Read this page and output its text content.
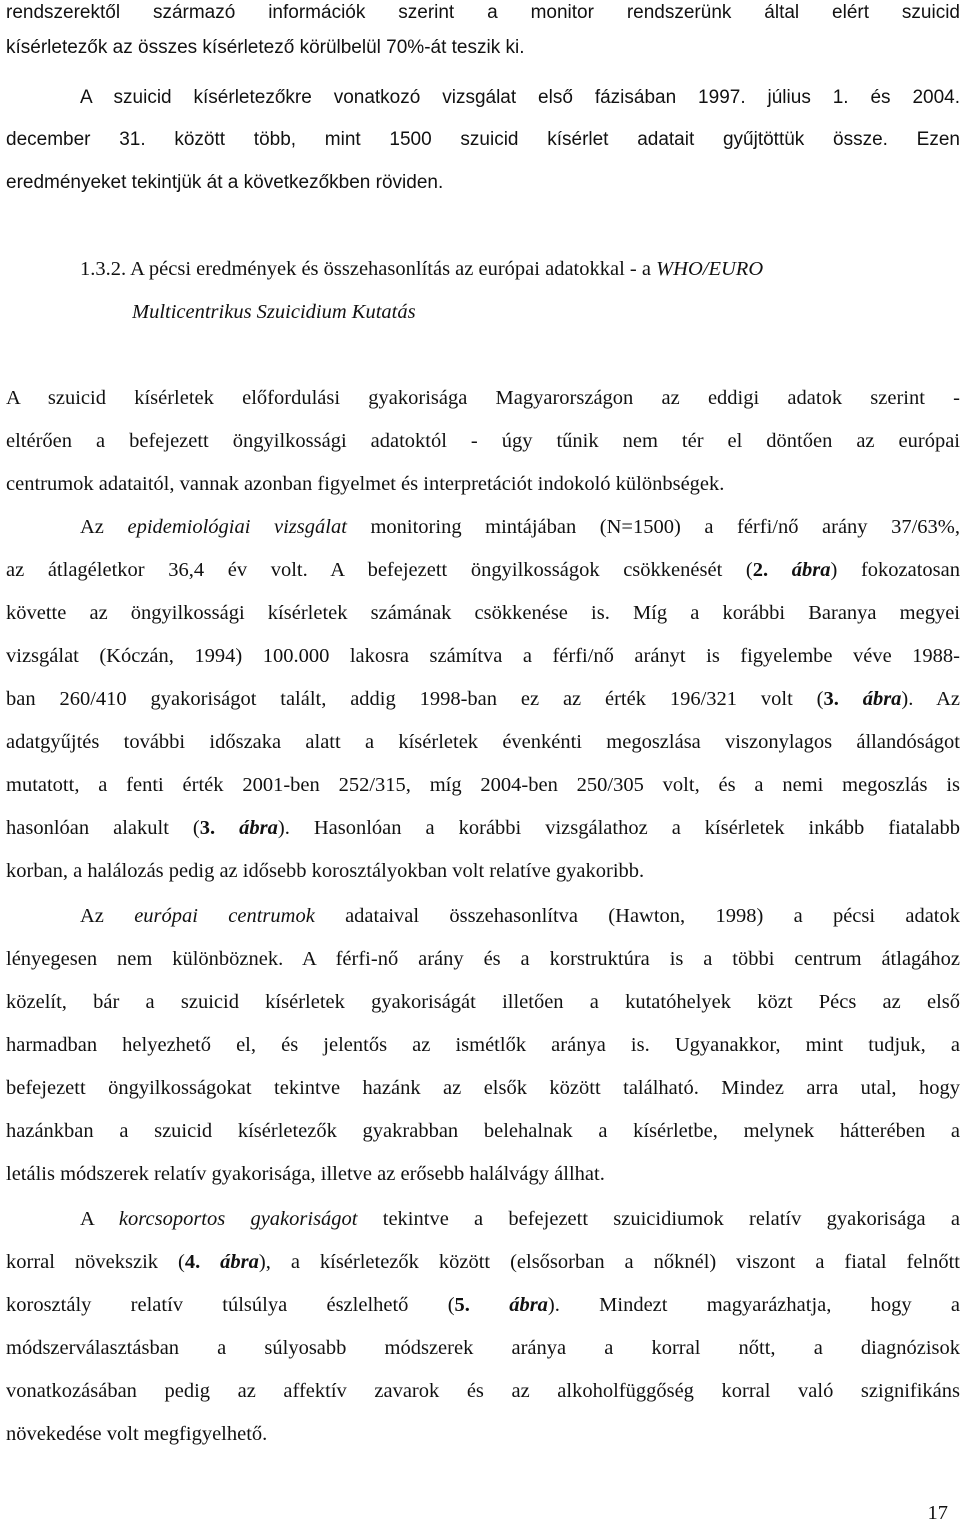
rendszerektől származó információk szerint a monitor rendszerünk által elért szuicid

kísérletezők az összes kísérletező körülbelül 70%-át teszik ki.

A szuicid kísérletezőkre vonatkozó vizsgálat első fázisában 1997. július 1. és 2004.

december 31. között több, mint 1500 szuicid kísérlet adatait gyűjtöttük össze. Ezen

eredményeket tekintjük át a következőkben röviden.

1.3.2. A pécsi eredmények és összehasonlítás az európai adatokkal - a WHO/EURO

Multicentrikus Szuicidium Kutatás

A szuicid kísérletek előfordulási gyakorisága Magyarországon az eddigi adatok szerint -

eltérően a befejezett öngyilkossági adatoktól - úgy tűnik nem tér el döntően az európai

centrumok adataitól, vannak azonban figyelmet és interpretációt indokoló különbségek.

Az epidemiológiai vizsgálat monitoring mintájában (N=1500) a férfi/nő arány 37/63%,

az átlagéletkor 36,4 év volt. A befejezett öngyilkosságok csökkenését (2. ábra) fokozatosan

követte az öngyilkossági kísérletek számának csökkenése is. Míg a korábbi Baranya megyei

vizsgálat (Kóczán, 1994) 100.000 lakosra számítva a férfi/nő arányt is figyelembe véve 1988-

ban 260/410 gyakoriságot talált, addig 1998-ban ez az érték 196/321 volt (3. ábra). Az

adatgyűjtés további időszaka alatt a kísérletek évenkénti megoszlása viszonylagos állandóságot

mutatott, a fenti érték 2001-ben 252/315, míg 2004-ben 250/305 volt, és a nemi megoszlás is

hasonlóan alakult (3. ábra). Hasonlóan a korábbi vizsgálathoz a kísérletek inkább fiatalabb

korban, a halálozás pedig az idősebb korosztályokban volt relatíve gyakoribb.

Az európai centrumok adataival összehasonlítva (Hawton, 1998) a pécsi adatok

lényegesen nem különböznek. A férfi-nő arány és a korstruktúra is a többi centrum átlagához

közelít, bár a szuicid kísérletek gyakoriságát illetően a kutatóhelyek közt Pécs az első

harmadban helyezhető el, és jelentős az ismétlők aránya is. Ugyanakkor, mint tudjuk, a

befejezett öngyilkosságokat tekintve hazánk az elsők között található. Mindez arra utal, hogy

hazánkban a szuicid kísérletezők gyakrabban belehalnak a kísérletbe, melynek hátterében a

letális módszerek relatív gyakorisága, illetve az erősebb halálvágy állhat.

A korcsoportos gyakoriságot tekintve a befejezett szuicidiumok relatív gyakorisága a

korral növekszik (4. ábra), a kísérletezők között (elsősorban a nőknél) viszont a fiatal felnőtt

korosztály relatív túlsúlya észlelhető (5. ábra). Mindezt magyarázhatja, hogy a

módszerválasztásban a súlyosabb módszerek aránya a korral nőtt, a diagnózisok

vonatkozásában pedig az affektív zavarok és az alkoholfüggőség korral való szignifikáns

növekedése volt megfigyelhető.

17
